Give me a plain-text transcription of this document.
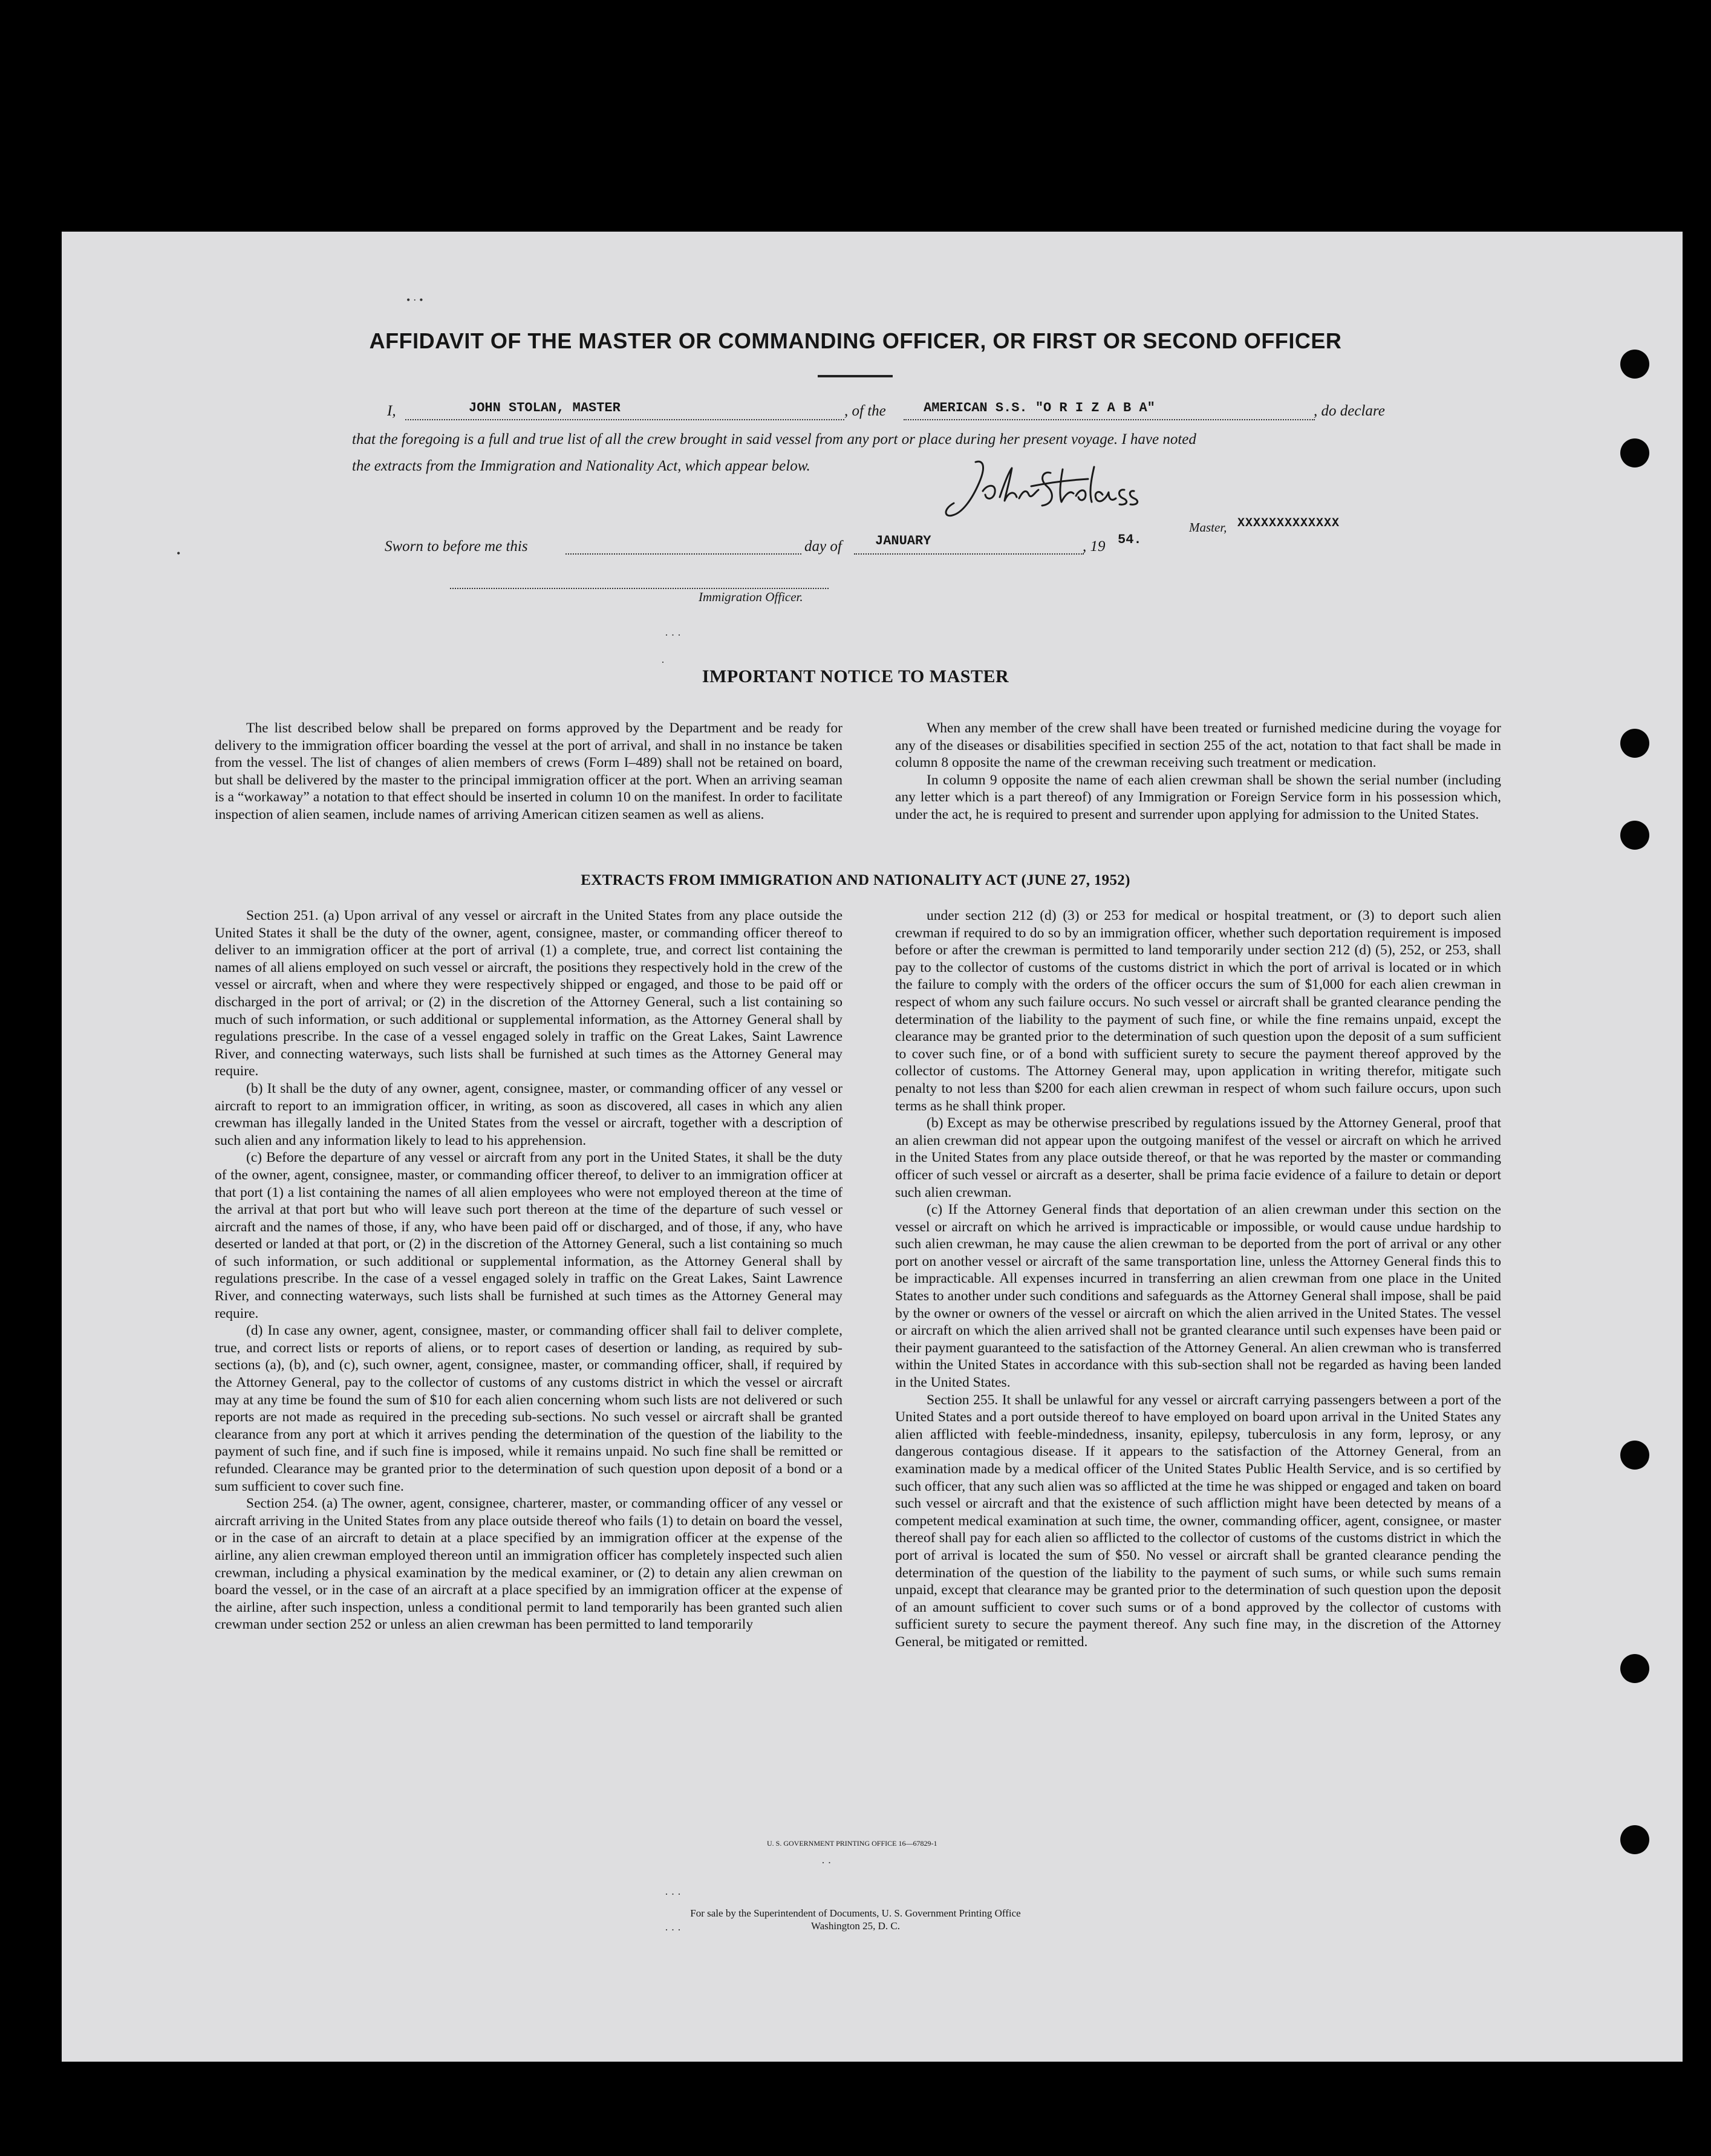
AFFIDAVIT OF THE MASTER OR COMMANDING OFFICER, OR FIRST OR SECOND OFFICER
I,	JOHN STOLAN, MASTER	, of the	AMERICAN S.S. "O R I Z A B A"	, do declare
that the foregoing is a full and true list of all the crew brought in said vessel from any port or place during her present voyage. I have noted
the extracts from the Immigration and Nationality Act, which appear below.
Master, XXXXXXXXXXXXX
Sworn to before me this	day of	JANUARY	, 19 54.
Immigration Officer.
IMPORTANT NOTICE TO MASTER

The list described below shall be prepared on forms approved by the Department and be ready for delivery to the immigration officer boarding the vessel at the port of arrival, and shall in no instance be taken from the vessel. The list of changes of alien members of crews (Form I–489) shall not be retained on board, but shall be delivered by the master to the principal immigration officer at the port. When an arriving seaman is a “workaway” a notation to that effect should be inserted in column 10 on the manifest. In order to facilitate inspection of alien seamen, include names of arriving American citizen seamen as well as aliens.

When any member of the crew shall have been treated or furnished medicine during the voyage for any of the diseases or disabilities specified in section 255 of the act, notation to that fact shall be made in column 8 opposite the name of the crewman receiving such treatment or medication.

In column 9 opposite the name of each alien crewman shall be shown the serial number (including any letter which is a part thereof) of any Immigration or Foreign Service form in his possession which, under the act, he is required to present and surrender upon applying for admission to the United States.

EXTRACTS FROM IMMIGRATION AND NATIONALITY ACT (JUNE 27, 1952)

Section 251. (a) Upon arrival of any vessel or aircraft in the United States from any place outside the United States it shall be the duty of the owner, agent, consignee, master, or commanding officer thereof to deliver to an immigration officer at the port of arrival (1) a complete, true, and correct list containing the names of all aliens employed on such vessel or aircraft, the positions they respectively hold in the crew of the vessel or aircraft, when and where they were respectively shipped or engaged, and those to be paid off or discharged in the port of arrival; or (2) in the discretion of the Attorney General, such a list containing so much of such information, or such additional or supplemental information, as the Attorney General shall by regulations prescribe. In the case of a vessel engaged solely in traffic on the Great Lakes, Saint Lawrence River, and connecting waterways, such lists shall be furnished at such times as the Attorney General may require.

(b) It shall be the duty of any owner, agent, consignee, master, or commanding officer of any vessel or aircraft to report to an immigration officer, in writing, as soon as discovered, all cases in which any alien crewman has illegally landed in the United States from the vessel or aircraft, together with a description of such alien and any information likely to lead to his apprehension.

(c) Before the departure of any vessel or aircraft from any port in the United States, it shall be the duty of the owner, agent, consignee, master, or commanding officer thereof, to deliver to an immigration officer at that port (1) a list containing the names of all alien employees who were not employed thereon at the time of the arrival at that port but who will leave such port thereon at the time of the departure of such vessel or aircraft and the names of those, if any, who have been paid off or discharged, and of those, if any, who have deserted or landed at that port, or (2) in the discretion of the Attorney General, such a list containing so much of such information, or such additional or supplemental information, as the Attorney General shall by regulations prescribe. In the case of a vessel engaged solely in traffic on the Great Lakes, Saint Lawrence River, and connecting waterways, such lists shall be furnished at such times as the Attorney General may require.

(d) In case any owner, agent, consignee, master, or commanding officer shall fail to deliver complete, true, and correct lists or reports of aliens, or to report cases of desertion or landing, as required by sub-sections (a), (b), and (c), such owner, agent, consignee, master, or commanding officer, shall, if required by the Attorney General, pay to the collector of customs of any customs district in which the vessel or aircraft may at any time be found the sum of $10 for each alien concerning whom such lists are not delivered or such reports are not made as required in the preceding sub-sections. No such vessel or aircraft shall be granted clearance from any port at which it arrives pending the determination of the question of the liability to the payment of such fine, and if such fine is imposed, while it remains unpaid. No such fine shall be remitted or refunded. Clearance may be granted prior to the determination of such question upon deposit of a bond or a sum sufficient to cover such fine.

Section 254. (a) The owner, agent, consignee, charterer, master, or commanding officer of any vessel or aircraft arriving in the United States from any place outside thereof who fails (1) to detain on board the vessel, or in the case of an aircraft to detain at a place specified by an immigration officer at the expense of the airline, any alien crewman employed thereon until an immigration officer has completely inspected such alien crewman, including a physical examination by the medical examiner, or (2) to detain any alien crewman on board the vessel, or in the case of an aircraft at a place specified by an immigration officer at the expense of the airline, after such inspection, unless a conditional permit to land temporarily has been granted such alien crewman under section 252 or unless an alien crewman has been permitted to land temporarily

under section 212 (d) (3) or 253 for medical or hospital treatment, or (3) to deport such alien crewman if required to do so by an immigration officer, whether such deportation requirement is imposed before or after the crewman is permitted to land temporarily under section 212 (d) (5), 252, or 253, shall pay to the collector of customs of the customs district in which the port of arrival is located or in which the failure to comply with the orders of the officer occurs the sum of $1,000 for each alien crewman in respect of whom any such failure occurs. No such vessel or aircraft shall be granted clearance pending the determination of the liability to the payment of such fine, or while the fine remains unpaid, except the clearance may be granted prior to the determination of such question upon the deposit of a sum sufficient to cover such fine, or of a bond with sufficient surety to secure the payment thereof approved by the collector of customs. The Attorney General may, upon application in writing therefor, mitigate such penalty to not less than $200 for each alien crewman in respect of whom such failure occurs, upon such terms as he shall think proper.

(b) Except as may be otherwise prescribed by regulations issued by the Attorney General, proof that an alien crewman did not appear upon the outgoing manifest of the vessel or aircraft on which he arrived in the United States from any place outside thereof, or that he was reported by the master or commanding officer of such vessel or aircraft as a deserter, shall be prima facie evidence of a failure to detain or deport such alien crewman.

(c) If the Attorney General finds that deportation of an alien crewman under this section on the vessel or aircraft on which he arrived is impracticable or impossible, or would cause undue hardship to such alien crewman, he may cause the alien crewman to be deported from the port of arrival or any other port on another vessel or aircraft of the same transportation line, unless the Attorney General finds this to be impracticable. All expenses incurred in transferring an alien crewman from one place in the United States to another under such conditions and safeguards as the Attorney General shall impose, shall be paid by the owner or owners of the vessel or aircraft on which the alien arrived in the United States. The vessel or aircraft on which the alien arrived shall not be granted clearance until such expenses have been paid or their payment guaranteed to the satisfaction of the Attorney General. An alien crewman who is transferred within the United States in accordance with this sub-section shall not be regarded as having been landed in the United States.

Section 255. It shall be unlawful for any vessel or aircraft carrying passengers between a port of the United States and a port outside thereof to have employed on board upon arrival in the United States any alien afflicted with feeble-mindedness, insanity, epilepsy, tuberculosis in any form, leprosy, or any dangerous contagious disease. If it appears to the satisfaction of the Attorney General, from an examination made by a medical officer of the United States Public Health Service, and is so certified by such officer, that any such alien was so afflicted at the time he was shipped or engaged and taken on board such vessel or aircraft and that the existence of such affliction might have been detected by means of a competent medical examination at such time, the owner, commanding officer, agent, consignee, or master thereof shall pay for each alien so afflicted to the collector of customs of the customs district in which the port of arrival is located the sum of $50. No vessel or aircraft shall be granted clearance pending the determination of the question of the liability to the payment of such sums, or while such sums remain unpaid, except that clearance may be granted prior to the determination of such question upon the deposit of an amount sufficient to cover such sums or of a bond approved by the collector of customs with sufficient surety to secure the payment thereof. Any such fine may, in the discretion of the Attorney General, be mitigated or remitted.

U. S. GOVERNMENT PRINTING OFFICE 16—67829-1
For sale by the Superintendent of Documents, U. S. Government Printing Office
Washington 25, D. C.
• · •
·
· · ·
· · ·
· · ·
· ·
•
